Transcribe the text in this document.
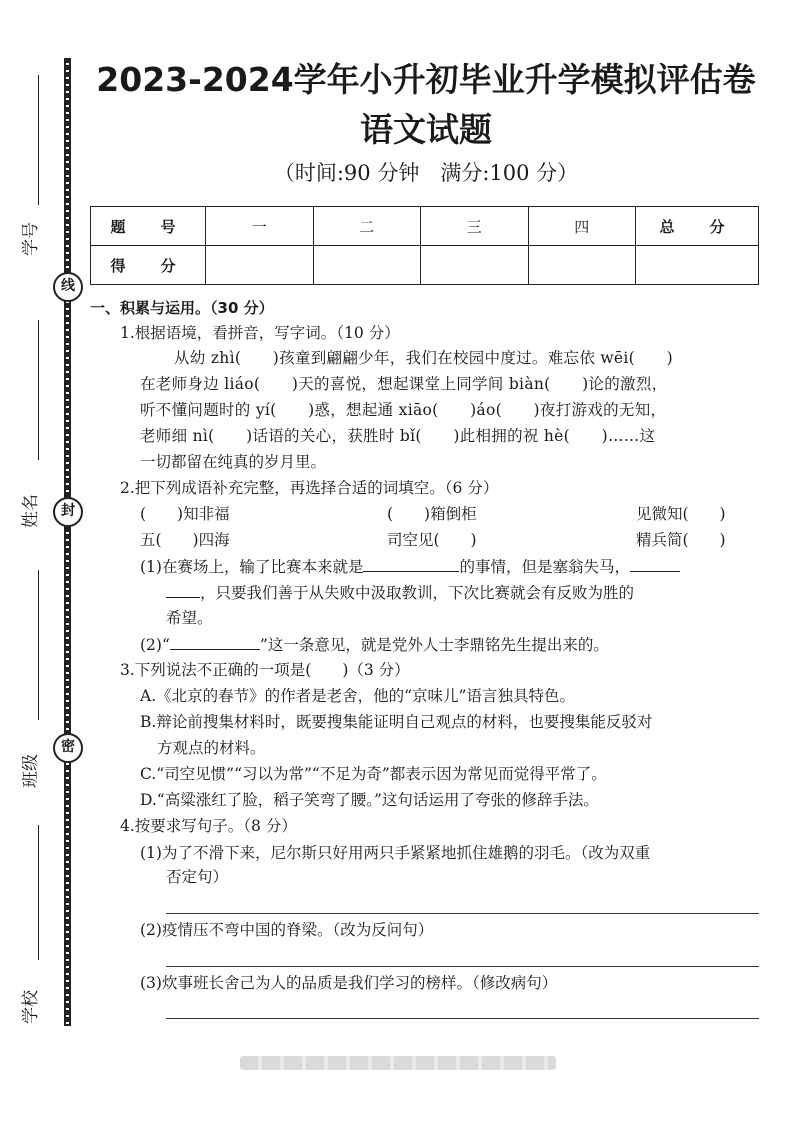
线
封
密
学号
姓名
班级
学校
2023-2024学年小升初毕业升学模拟评估卷
语文试题
（时间:90 分钟　满分:100 分）
题　号	一	二	三	四	总　分
得　分					
一、积累与运用。（30 分）
1.根据语境，看拼音，写字词。（10 分）
从幼 zhì(　　)孩童到翩翩少年，我们在校园中度过。难忘依 wēi(　　)
在老师身边 liáo(　　)天的喜悦，想起课堂上同学间 biàn(　　)论的激烈，
听不懂问题时的 yí(　　)惑，想起通 xiāo(　　)áo(　　)夜打游戏的无知，
老师细 nì(　　)话语的关心，获胜时 bǐ(　　)此相拥的祝 hè(　　)……这
一切都留在纯真的岁月里。
2.把下列成语补充完整，再选择合适的词填空。（6 分）
(　　)知非福	(　　)箱倒柜	见微知(　　)
五(　　)四海	司空见(　　)	精兵简(　　)
(1)在赛场上，输了比赛本来就是	的事情，但是塞翁失马，
，只要我们善于从失败中汲取教训，下次比赛就会有反败为胜的
希望。
(2)“	”这一条意见，就是党外人士李鼎铭先生提出来的。
3.下列说法不正确的一项是(　　)（3 分）
A.《北京的春节》的作者是老舍，他的“京味儿”语言独具特色。
B.辩论前搜集材料时，既要搜集能证明自己观点的材料，也要搜集能反驳对
方观点的材料。
C.“司空见惯”“习以为常”“不足为奇”都表示因为常见而觉得平常了。
D.“高粱涨红了脸，稻子笑弯了腰。”这句话运用了夸张的修辞手法。
4.按要求写句子。（8 分）
(1)为了不滑下来，尼尔斯只好用两只手紧紧地抓住雄鹅的羽毛。（改为双重
否定句）
(2)疫情压不弯中国的脊梁。（改为反问句）
(3)炊事班长舍己为人的品质是我们学习的榜样。（修改病句）
